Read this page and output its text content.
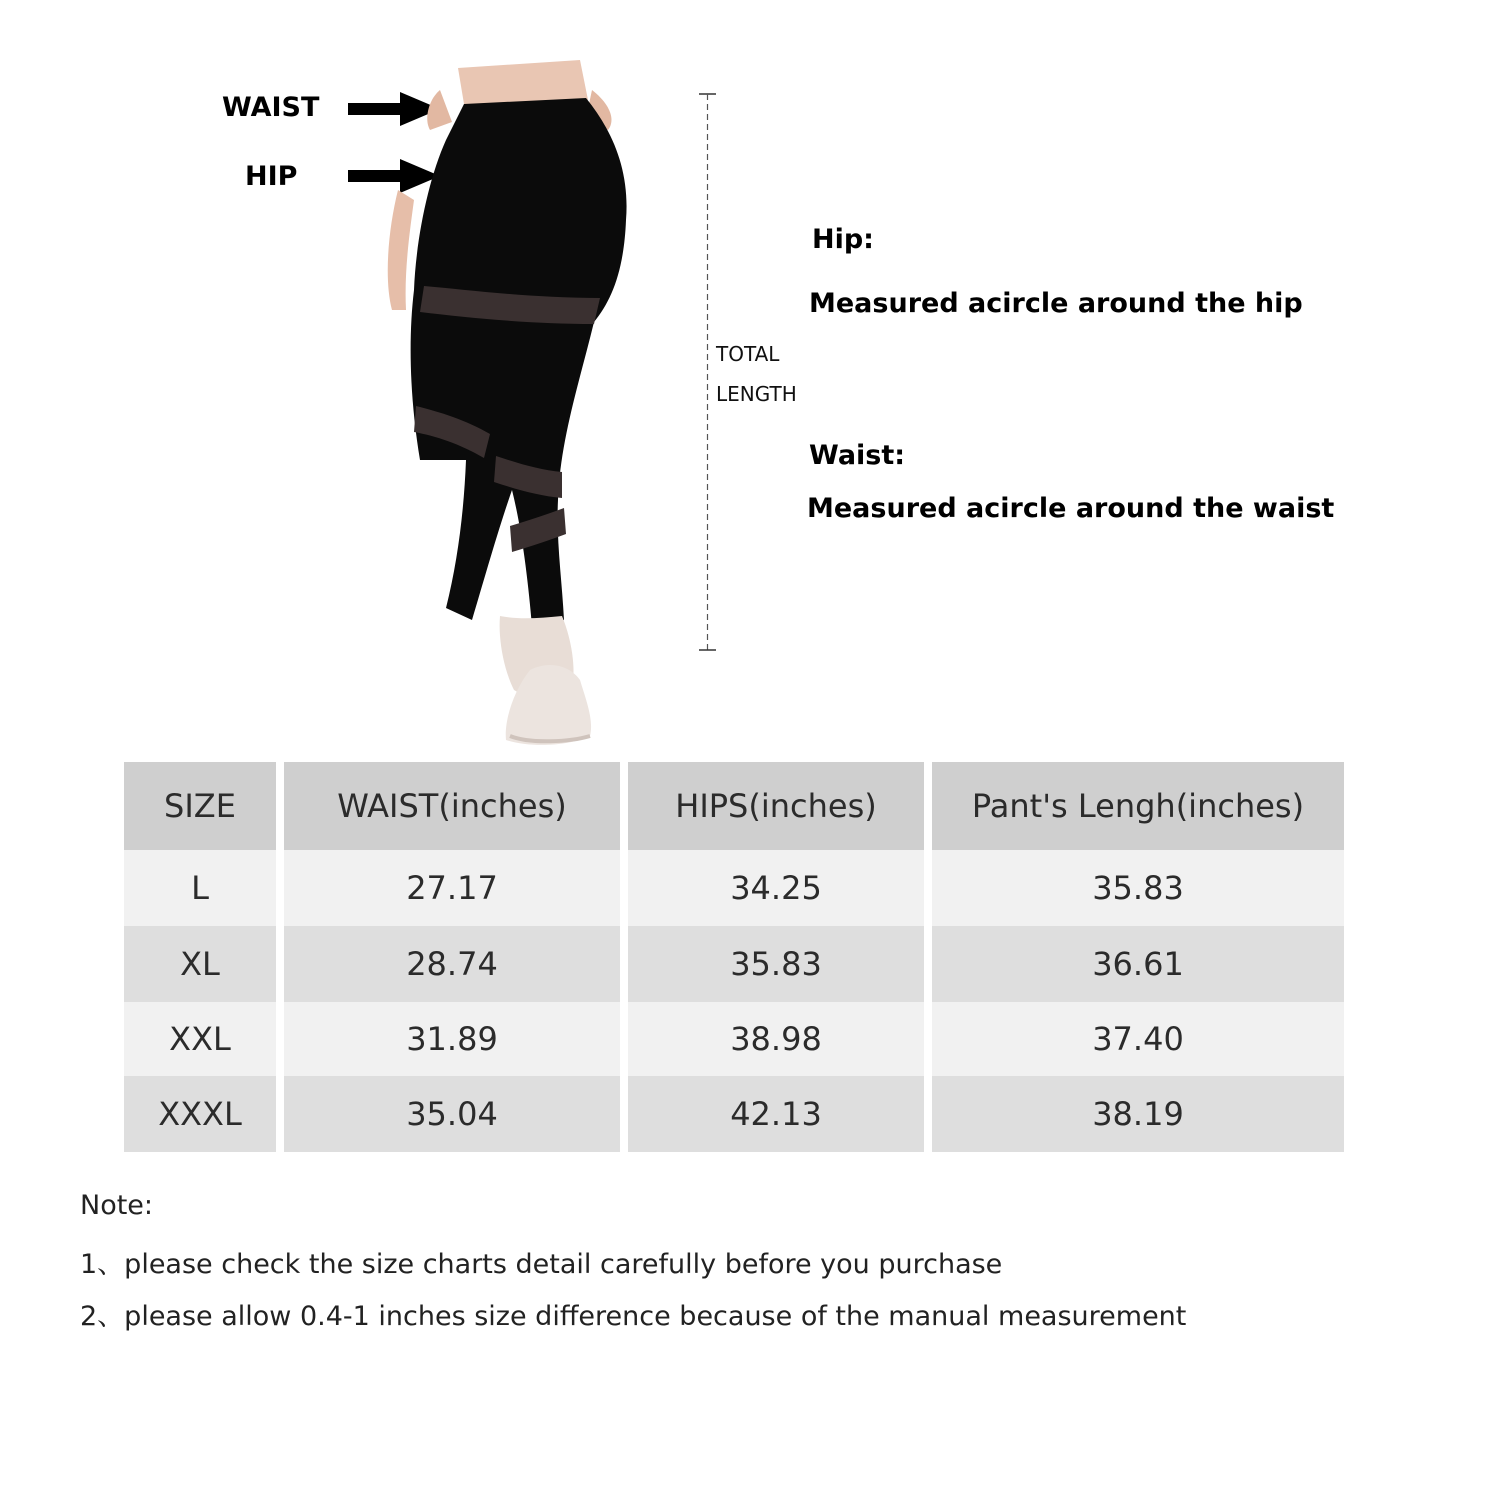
WAIST
HIP
TOTAL
LENGTH
Hip:
Measured acircle around the hip
Waist:
Measured acircle around the waist
SIZE	WAIST(inches)	HIPS(inches)	Pant's Lengh(inches)
L	27.17	34.25	35.83
XL	28.74	35.83	36.61
XXL	31.89	38.98	37.40
XXXL	35.04	42.13	38.19
Note:
1、please check the size charts detail carefully before you purchase
2、please allow 0.4-1 inches size difference because of the manual measurement
